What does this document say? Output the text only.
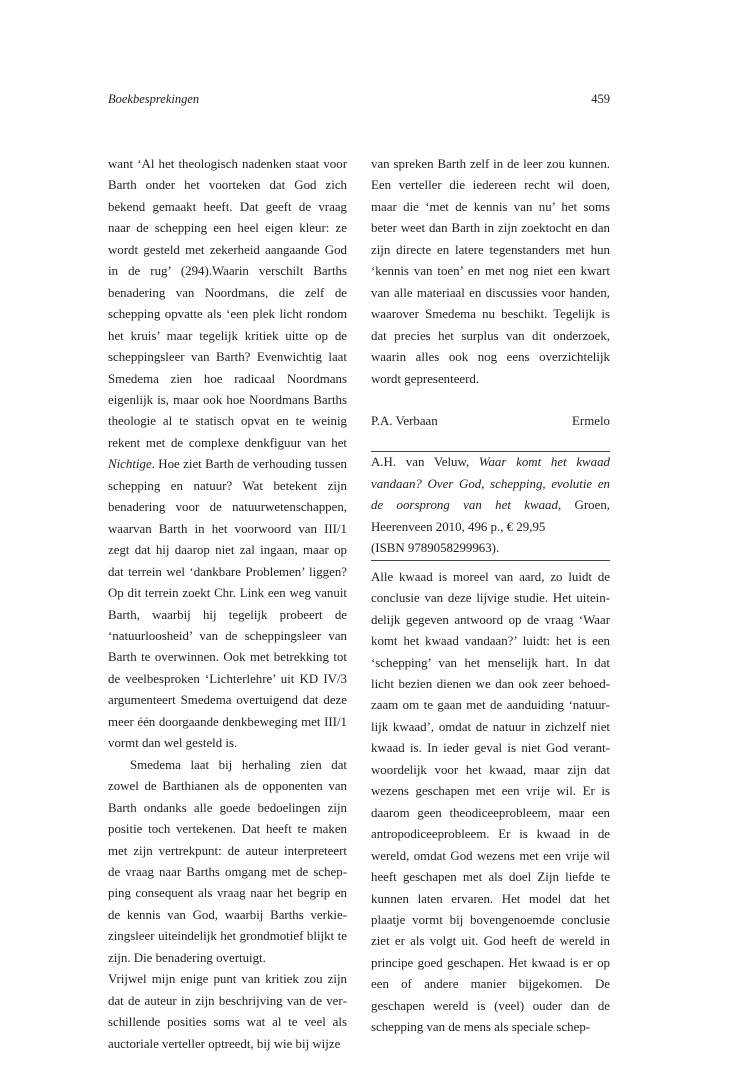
Boekbesprekingen	459

want ‘Al het theologisch nadenken staat voor Barth onder het voorteken dat God zich bekend gemaakt heeft. Dat geeft de vraag naar de schepping een heel eigen kleur: ze wordt gesteld met zekerheid aangaande God in de rug’ (294).Waarin verschilt Barths benadering van Noordmans, die zelf de schepping opvatte als ‘een plek licht rondom het kruis’ maar tegelijk kritiek uitte op de scheppingsleer van Barth? Evenwichtig laat Smedema zien hoe radicaal Noordmans eigenlijk is, maar ook hoe Noordmans Barths theologie al te statisch opvat en te weinig rekent met de complexe denkfiguur van het Nichtige. Hoe ziet Barth de verhouding tussen schepping en natuur? Wat betekent zijn benadering voor de natuurwetenschappen, waarvan Barth in het voorwoord van III/1 zegt dat hij daarop niet zal ingaan, maar op dat terrein wel ‘dankbare Problemen’ liggen? Op dit terrein zoekt Chr. Link een weg vanuit Barth, waarbij hij tegelijk probeert de ‘natuurloosheid’ van de scheppingsleer van Barth te overwinnen. Ook met betrekking tot de veelbesproken ‘Lichterlehre’ uit KD IV/3 argumenteert Smedema overtuigend dat deze meer één doorgaande denkbeweging met III/1 vormt dan wel gesteld is.

Smedema laat bij herhaling zien dat zowel de Barthianen als de opponenten van Barth ondanks alle goede bedoelingen zijn positie toch vertekenen. Dat heeft te maken met zijn vertrekpunt: de auteur interpreteert de vraag naar Barths omgang met de schepping consequent als vraag naar het begrip en de kennis van God, waarbij Barths verkiezingsleer uiteindelijk het grondmotief blijkt te zijn. Die benadering overtuigt.

Vrijwel mijn enige punt van kritiek zou zijn dat de auteur in zijn beschrijving van de verschillende posities soms wat al te veel als auctoriale verteller optreedt, bij wie bij wijze

van spreken Barth zelf in de leer zou kunnen. Een verteller die iedereen recht wil doen, maar die ‘met de kennis van nu’ het soms beter weet dan Barth in zijn zoektocht en dan zijn directe en latere tegenstanders met hun ‘kennis van toen’ en met nog niet een kwart van alle materiaal en discussies voor handen, waarover Smedema nu beschikt. Tegelijk is dat precies het surplus van dit onderzoek, waarin alles ook nog eens overzichtelijk wordt gepresenteerd.

P.A. Verbaan	Ermelo

A.H. van Veluw, Waar komt het kwaad vandaan? Over God, schepping, evolutie en de oorsprong van het kwaad, Groen, Heerenveen 2010, 496 p., € 29,95
(ISBN 9789058299963).

Alle kwaad is moreel van aard, zo luidt de conclusie van deze lijvige studie. Het uiteindelijk gegeven antwoord op de vraag ‘Waar komt het kwaad vandaan?’ luidt: het is een ‘schepping’ van het menselijk hart. In dat licht bezien dienen we dan ook zeer behoedzaam om te gaan met de aanduiding ‘natuurlijk kwaad’, omdat de natuur in zichzelf niet kwaad is. In ieder geval is niet God verantwoordelijk voor het kwaad, maar zijn dat wezens geschapen met een vrije wil. Er is daarom geen theodiceeprobleem, maar een antropodiceeprobleem. Er is kwaad in de wereld, omdat God wezens met een vrije wil heeft geschapen met als doel Zijn liefde te kunnen laten ervaren. Het model dat het plaatje vormt bij bovengenoemde conclusie ziet er als volgt uit. God heeft de wereld in principe goed geschapen. Het kwaad is er op een of andere manier bijgekomen. De geschapen wereld is (veel) ouder dan de schepping van de mens als speciale schep-
